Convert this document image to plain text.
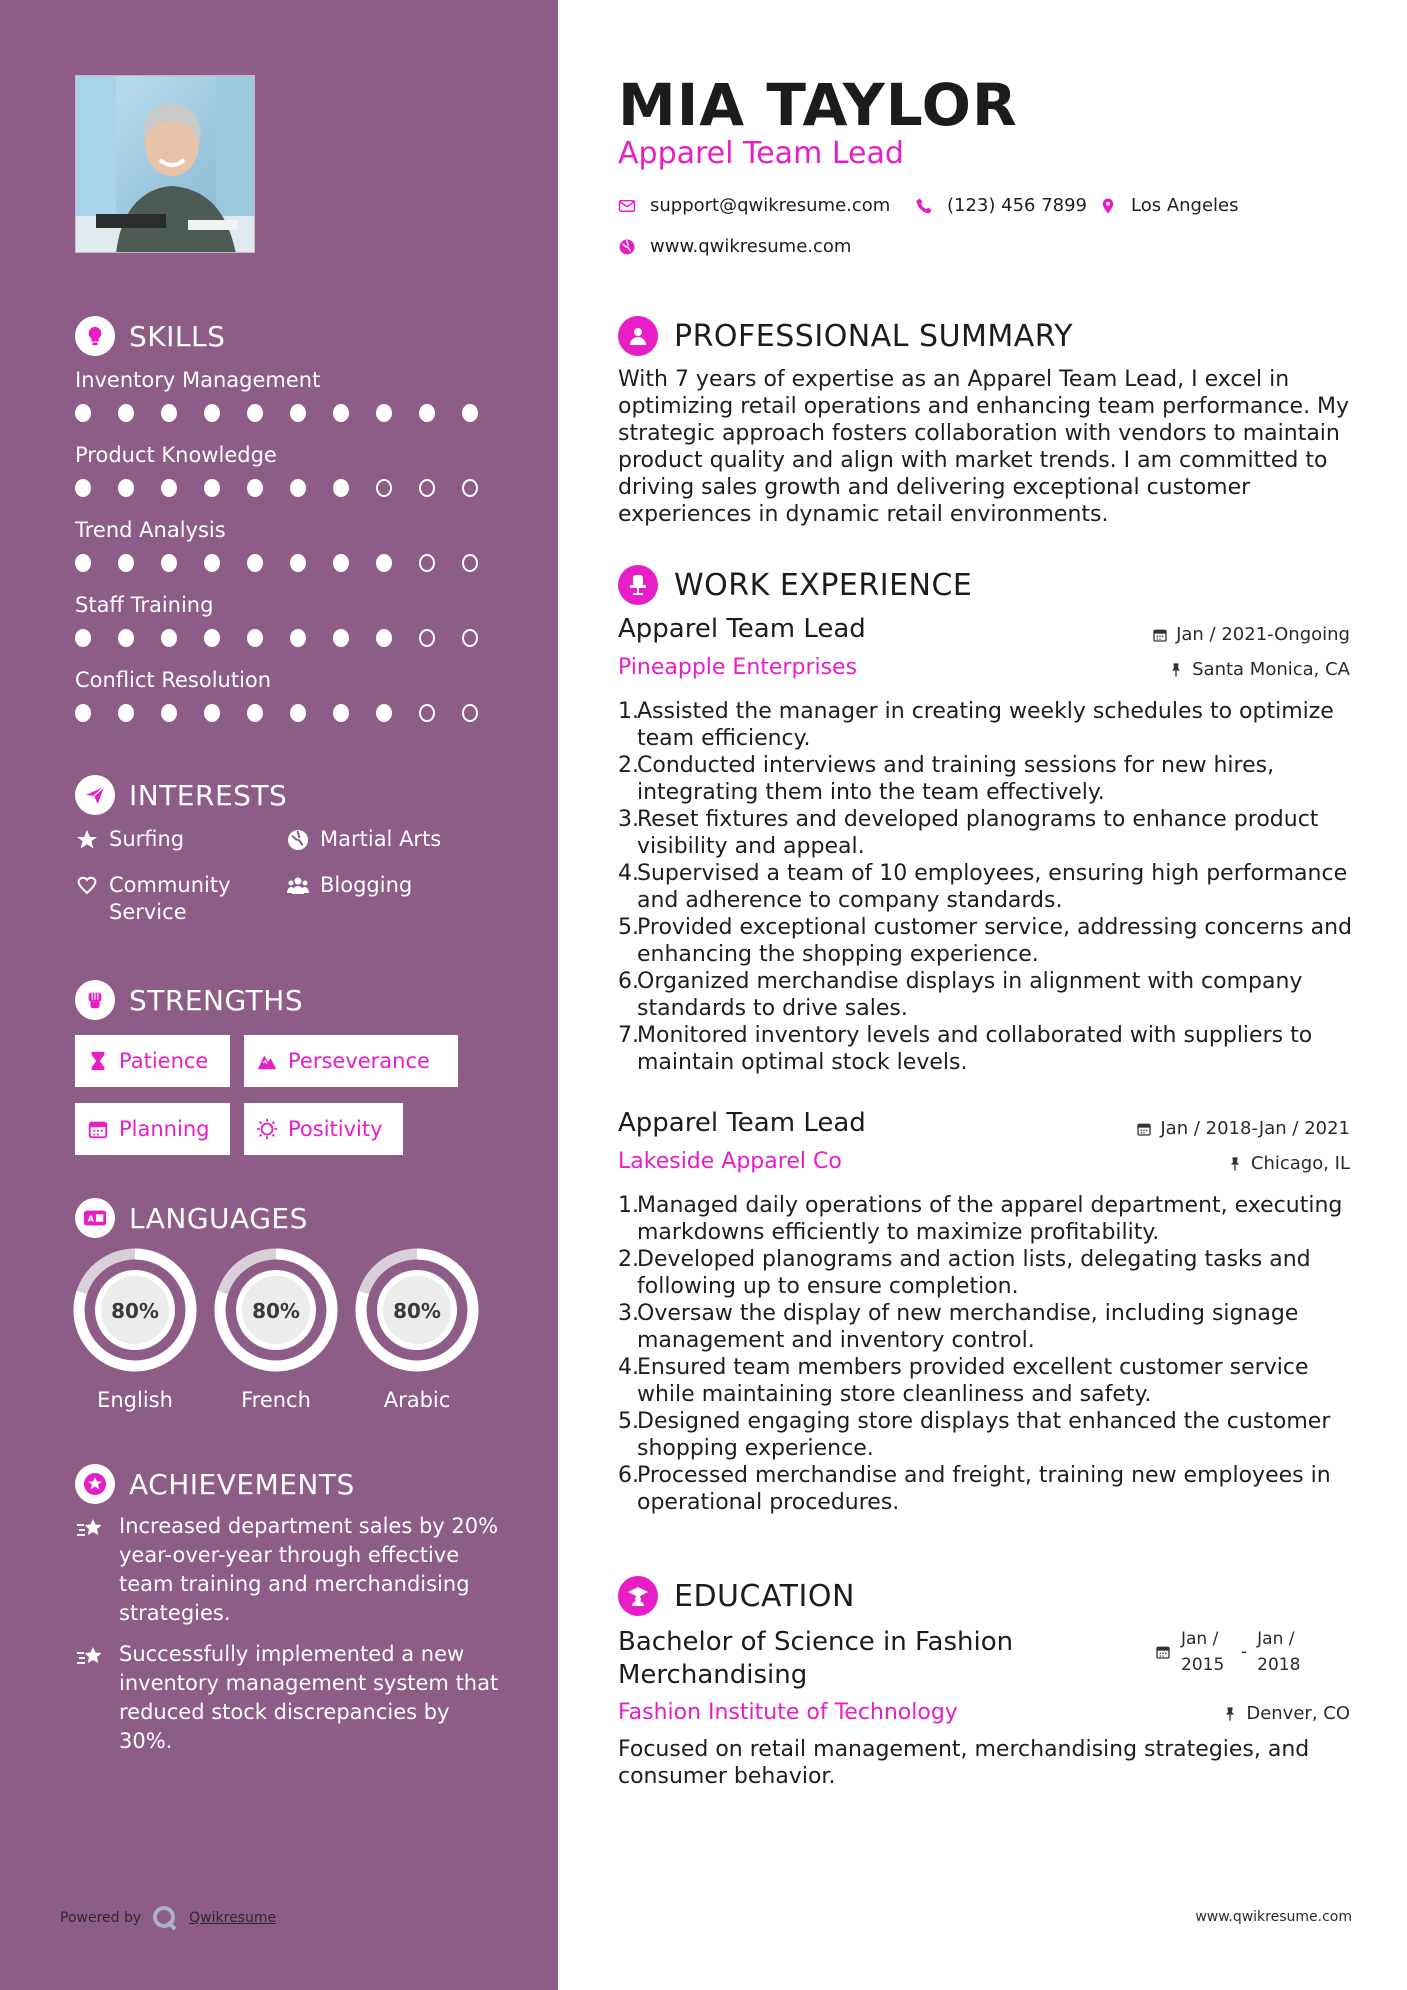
SKILLS
Inventory Management
Product Knowledge
Trend Analysis
Staff Training
Conflict Resolution
INTERESTS
Surfing	Martial Arts
Community Service
Blogging
STRENGTHS
Patience	Perseverance
Planning	Positivity
A LANGUAGES
80%
English
80%
French
80%
Arabic
ACHIEVEMENTS
Increased department sales by 20% year-over-year through effective team training and merchandising strategies.
Successfully implemented a new inventory management system that reduced stock discrepancies by 30%.
Powered by	Qwikresume
MIA TAYLOR
Apparel Team Lead
support@qwikresume.com	(123) 456 7899 Los Angeles
www.qwikresume.com
PROFESSIONAL SUMMARY
With 7 years of expertise as an Apparel Team Lead, I excel in optimizing retail operations and enhancing team performance. My strategic approach fosters collaboration with vendors to maintain product quality and align with market trends. I am committed to driving sales growth and delivering exceptional customer experiences in dynamic retail environments.
WORK EXPERIENCE
Apparel Team Lead	Jan / 2021-Ongoing
Pineapple Enterprises	Santa Monica, CA
1.
Assisted the manager in creating weekly schedules to optimize team efficiency.
2.
Conducted interviews and training sessions for new hires, integrating them into the team effectively.
3.
Reset fixtures and developed planograms to enhance product visibility and appeal.
4.
Supervised a team of 10 employees, ensuring high performance and adherence to company standards.
5.
Provided exceptional customer service, addressing concerns and enhancing the shopping experience.
6.
Organized merchandise displays in alignment with company standards to drive sales.
7.
Monitored inventory levels and collaborated with suppliers to maintain optimal stock levels.
Apparel Team Lead	Jan / 2018-Jan / 2021
Lakeside Apparel Co	Chicago, IL
1.
Managed daily operations of the apparel department, executing markdowns efficiently to maximize profitability.
2.
Developed planograms and action lists, delegating tasks and following up to ensure completion.
3.
Oversaw the display of new merchandise, including signage management and inventory control.
4.
Ensured team members provided excellent customer service while maintaining store cleanliness and safety.
5.
Designed engaging store displays that enhanced the customer shopping experience.
6.
Processed merchandise and freight, training new employees in operational procedures.
EDUCATION
Bachelor of Science in Fashion Merchandising
Jan / 2015
-
Jan / 2018
Fashion Institute of Technology	Denver, CO
Focused on retail management, merchandising strategies, and consumer behavior.
www.qwikresume.com
